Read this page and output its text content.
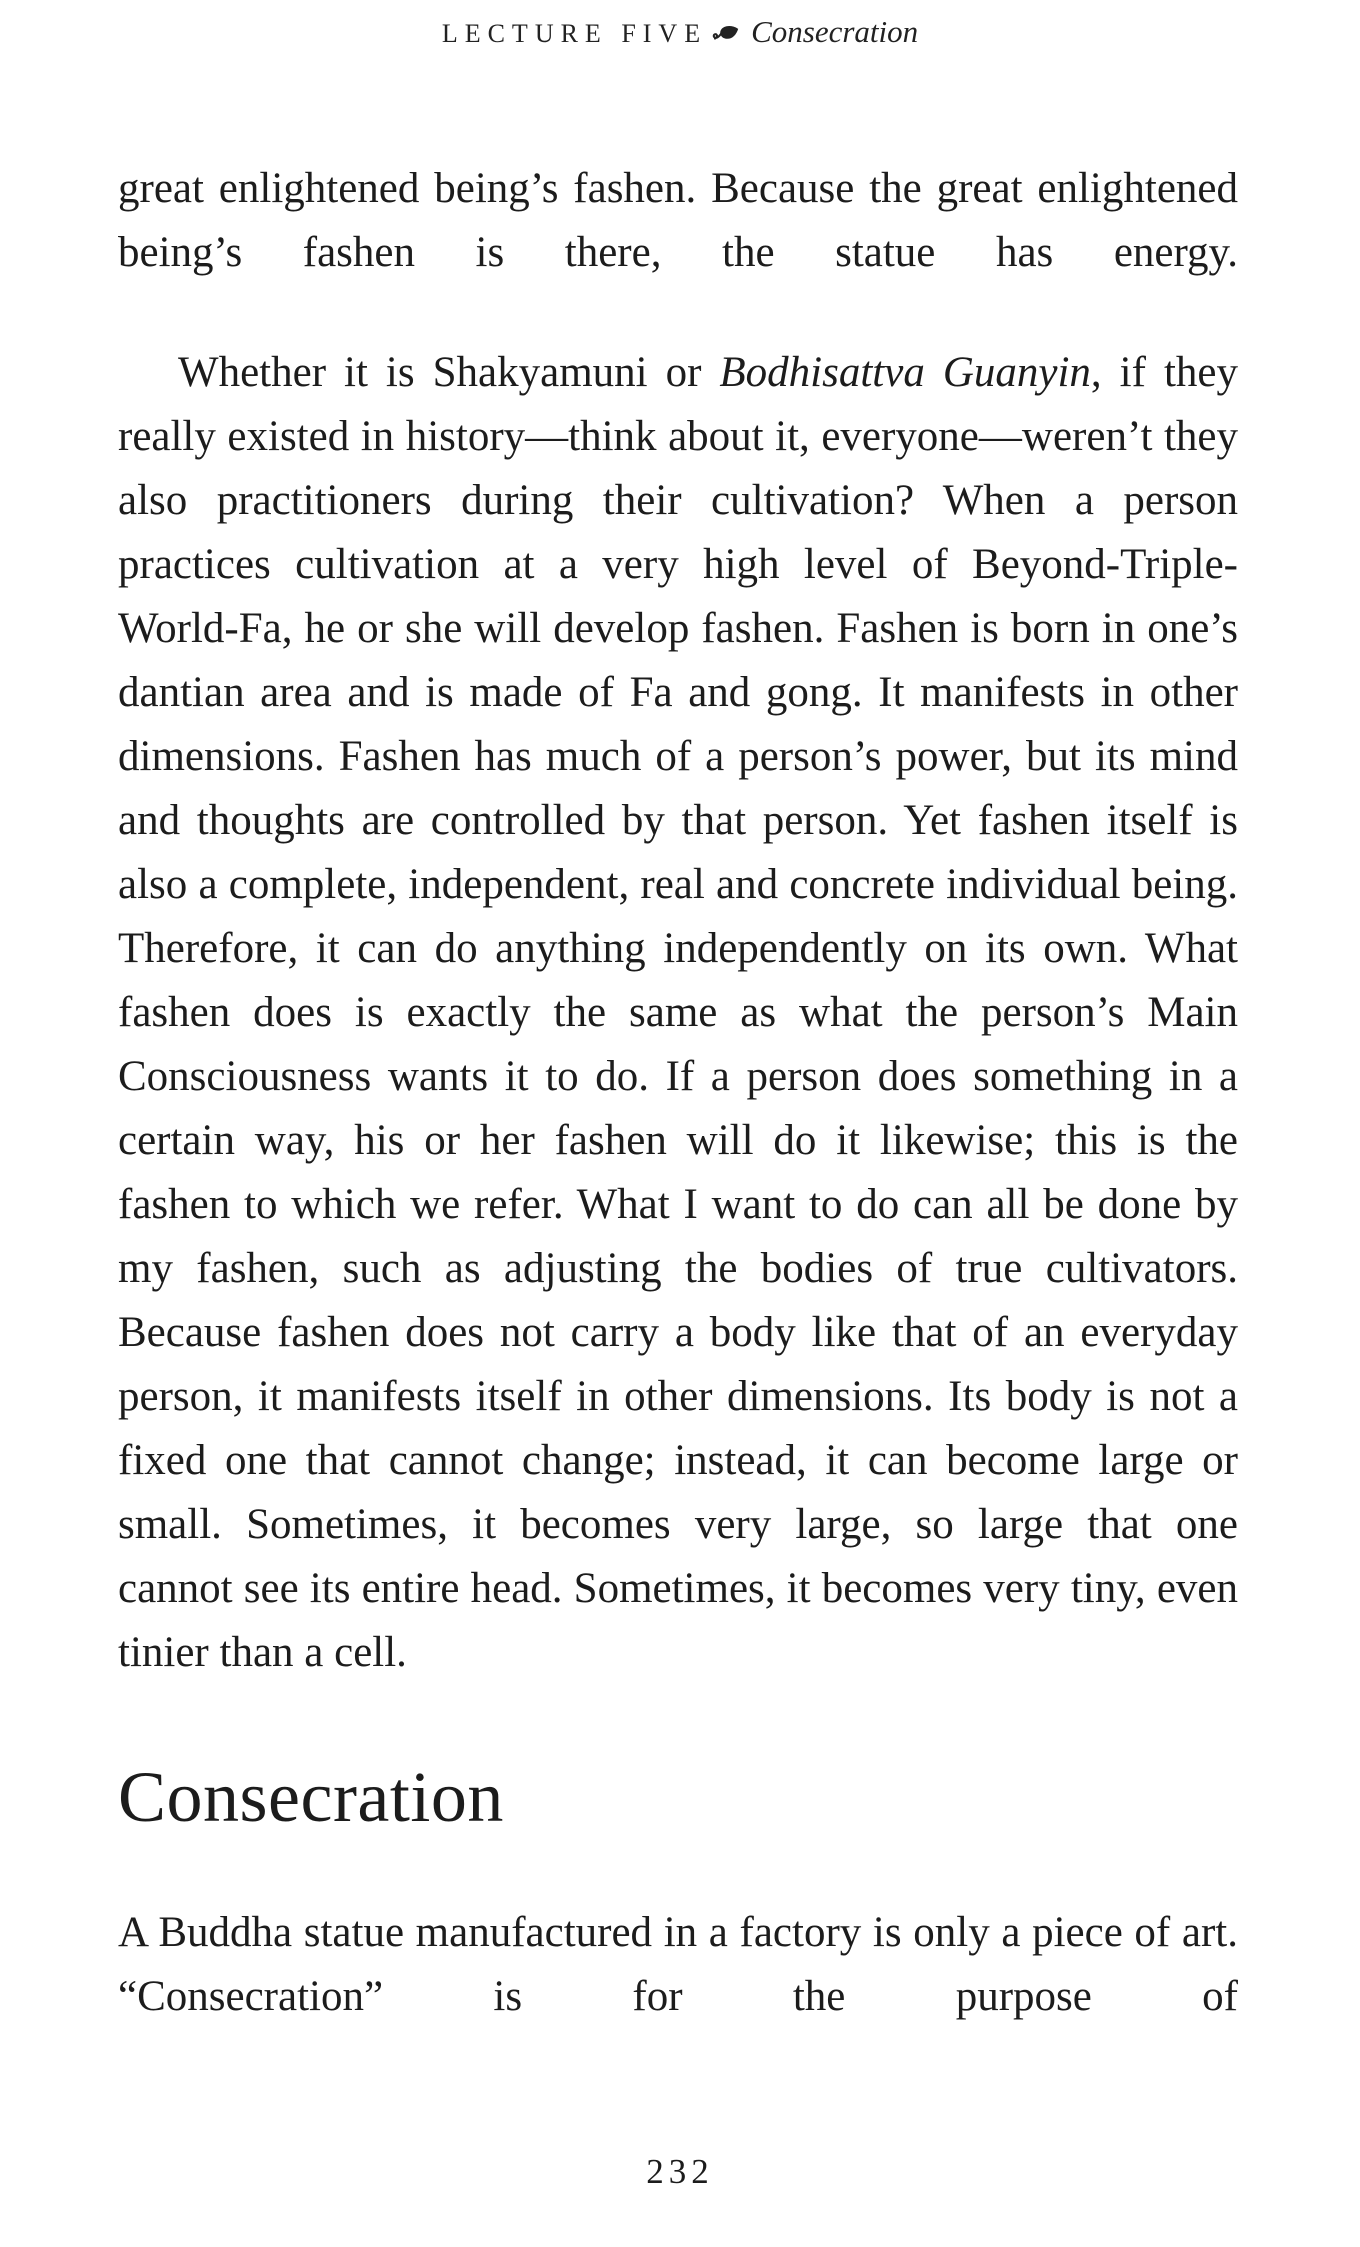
LECTURE FIVE Consecration

great enlightened being’s fashen. Because the great enlightened being’s fashen is there, the statue has energy.

Whether it is Shakyamuni or Bodhisattva Guanyin, if they really existed in history—think about it, everyone—weren’t they also practitioners during their cultivation? When a person practices cultivation at a very high level of Beyond-Triple-World-Fa, he or she will develop fashen. Fashen is born in one’s dantian area and is made of Fa and gong. It manifests in other dimensions. Fashen has much of a person’s power, but its mind and thoughts are controlled by that person. Yet fashen itself is also a complete, independent, real and concrete individual being. Therefore, it can do anything independently on its own. What fashen does is exactly the same as what the person’s Main Consciousness wants it to do. If a person does something in a certain way, his or her fashen will do it likewise; this is the fashen to which we refer. What I want to do can all be done by my fashen, such as adjusting the bodies of true cultivators. Because fashen does not carry a body like that of an everyday person, it manifests itself in other dimensions. Its body is not a fixed one that cannot change; instead, it can become large or small. Sometimes, it becomes very large, so large that one cannot see its entire head. Sometimes, it becomes very tiny, even tinier than a cell.

Consecration

A Buddha statue manufactured in a factory is only a piece of art. “Consecration” is for the purpose of

232
